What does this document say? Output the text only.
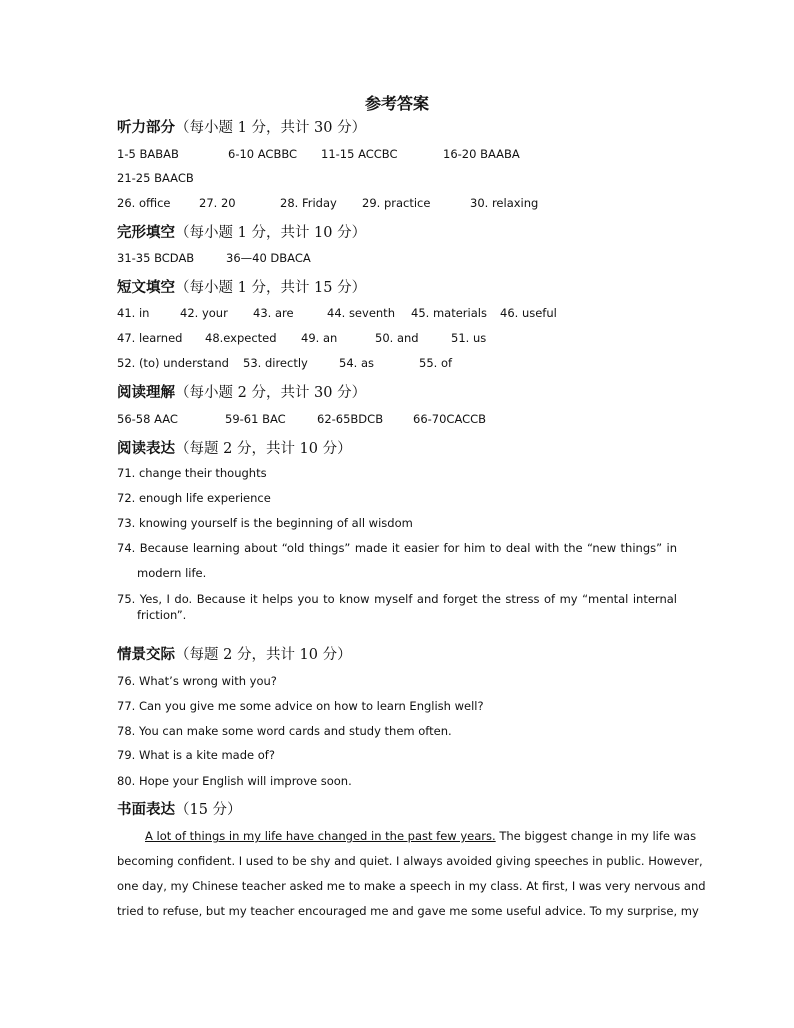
参考答案
听力部分（每小题 1 分，共计 30 分）
1-5 BABAB	6-10 ACBBC 11-15 ACCBC	16-20 BAABA
21-25 BAACB
26. office 27. 20	28. Friday 29. practice	30. relaxing
完形填空（每小题 1 分，共计 10 分）
31-35 BCDAB	36—40 DBACA
短文填空（每小题 1 分，共计 15 分）
41. in	42. your 43. are	44. seventh 45. materials 46. useful
47. learned 48.expected 49. an	50. and	51. us
52. (to) understand 53. directly	54. as	55. of
阅读理解（每小题 2 分，共计 30 分）
56-58 AAC	59-61 BAC	62-65BDCB	66-70CACCB
阅读表达（每题 2 分，共计 10 分）
71. change their thoughts
72. enough life experience
73. knowing yourself is the beginning of all wisdom
74. Because learning about “old things” made it easier for him to deal with the “new things” in
modern life.
75. Yes, I do. Because it helps you to know myself and forget the stress of my “mental internal
friction”.
情景交际（每题 2 分，共计 10 分）
76. What’s wrong with you?
77. Can you give me some advice on how to learn English well?
78. You can make some word cards and study them often.
79. What is a kite made of?
80. Hope your English will improve soon.
书面表达（15 分）
A lot of things in my life have changed in the past few years. The biggest change in my life was
becoming confident. I used to be shy and quiet. I always avoided giving speeches in public. However,
one day, my Chinese teacher asked me to make a speech in my class. At first, I was very nervous and
tried to refuse, but my teacher encouraged me and gave me some useful advice. To my surprise, my
